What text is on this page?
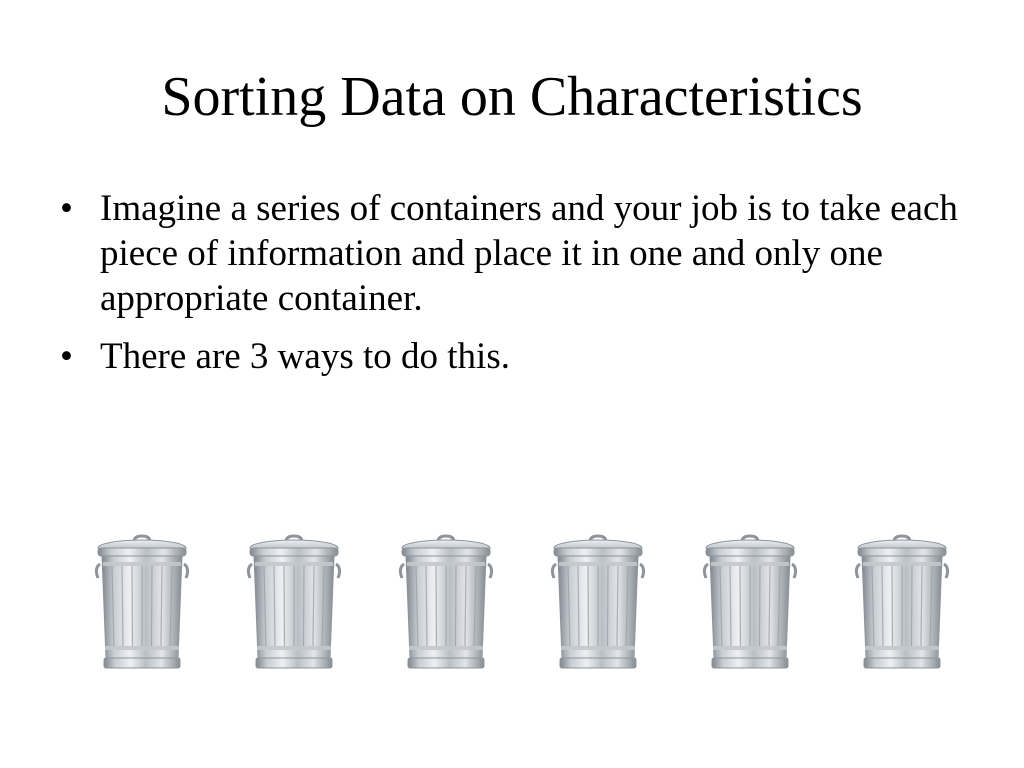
Sorting Data on Characteristics
• Imagine a series of containers and your job is to take each piece of information and place it in one and only one appropriate container.
• There are 3 ways to do this.
